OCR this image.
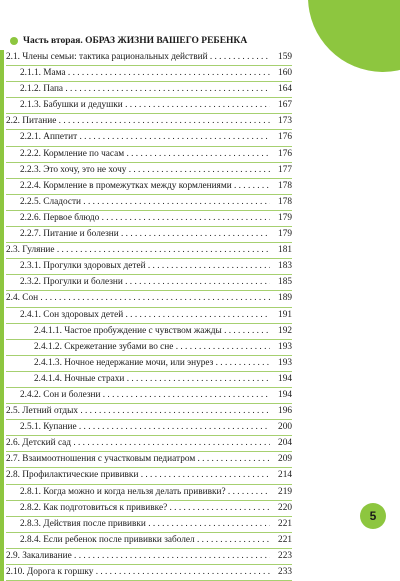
Часть вторая.
ОБРАЗ ЖИЗНИ ВАШЕГО РЕБЕНКА
2.1. Члены семьи: тактика рациональных действий . . .	159
2.1.1. Мама . . .	160
2.1.2. Папа . . .	164
2.1.3. Бабушки и дедушки . . .	167
2.2. Питание . . .	173
2.2.1. Аппетит . . .	176
2.2.2. Кормление по часам . . .	176
2.2.3. Это хочу, это не хочу . . .	177
2.2.4. Кормление в промежутках между кормлениями . . .	178
2.2.5. Сладости . . .	178
2.2.6. Первое блюдо . . .	179
2.2.7. Питание и болезни . . .	179
2.3. Гуляние . . .	181
2.3.1. Прогулки здоровых детей . . .	183
2.3.2. Прогулки и болезни . . .	185
2.4. Сон . . .	189
2.4.1. Сон здоровых детей . . .	191
2.4.1.1. Частое пробуждение с чувством жажды . . .	192
2.4.1.2. Скрежетание зубами во сне . . .	193
2.4.1.3. Ночное недержание мочи, или энурез . . .	193
2.4.1.4. Ночные страхи . . .	194
2.4.2. Сон и болезни . . .	194
2.5. Летний отдых . . .	196
2.5.1. Купание . . .	200
2.6. Детский сад . . .	204
2.7. Взаимоотношения с участковым педиатром . . .	209
2.8. Профилактические прививки . . .	214
2.8.1. Когда можно и когда нельзя делать прививки? . . .	219
2.8.2. Как подготовиться к прививке? . . .	220
2.8.3. Действия после прививки . . .	221
2.8.4. Если ребенок после прививки заболел . . .	221
2.9. Закаливание . . .	223
2.10. Дорога к горшку . . .	233
5
